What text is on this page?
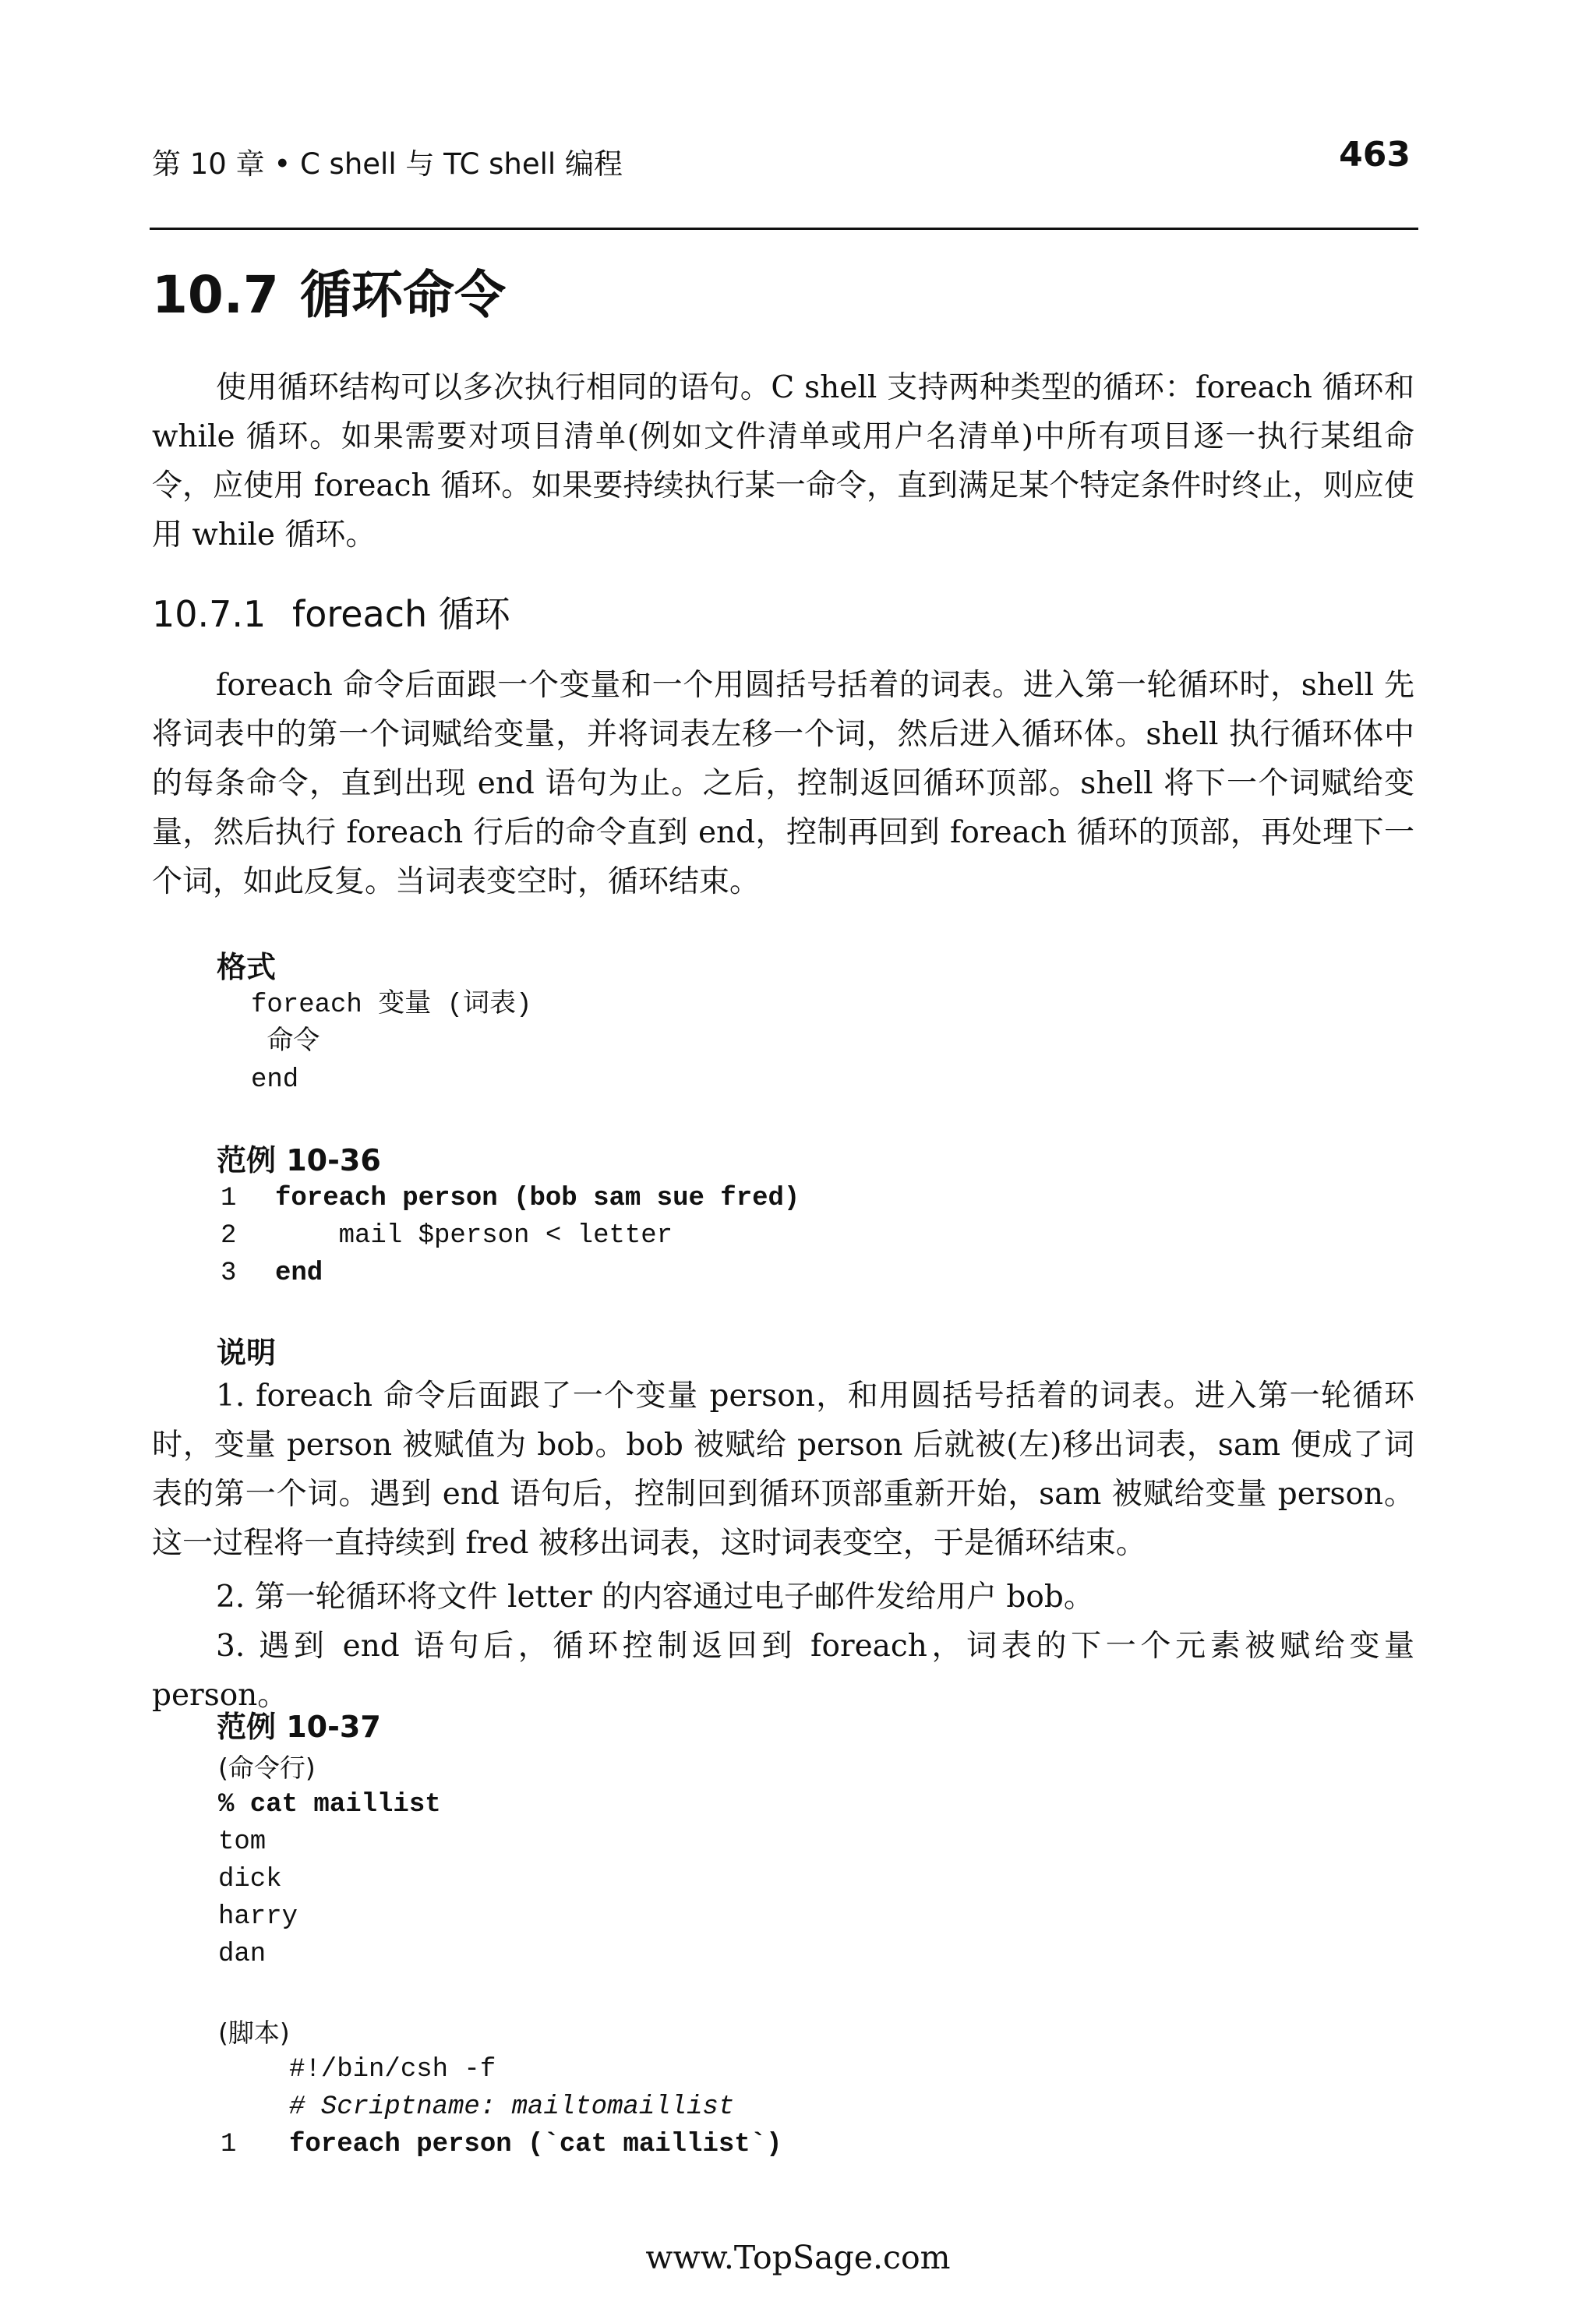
第 10 章 • C shell 与 TC shell 编程	463
10.7 循环命令
使用循环结构可以多次执行相同的语句。C shell 支持两种类型的循环：foreach 循环和 while 循环。如果需要对项目清单(例如文件清单或用户名清单)中所有项目逐一执行某组命令，应使用 foreach 循环。如果要持续执行某一命令，直到满足某个特定条件时终止，则应使用 while 循环。
10.7.1 foreach 循环
foreach 命令后面跟一个变量和一个用圆括号括着的词表。进入第一轮循环时，shell 先将词表中的第一个词赋给变量，并将词表左移一个词，然后进入循环体。shell 执行循环体中的每条命令，直到出现 end 语句为止。之后，控制返回循环顶部。shell 将下一个词赋给变量，然后执行 foreach 行后的命令直到 end，控制再回到 foreach 循环的顶部，再处理下一个词，如此反复。当词表变空时，循环结束。
格式
foreach 变量 (词表)
命令
end
范例 10-36
1 foreach person (bob sam sue fred)
2    mail $person < letter
3 end
说明
1. foreach 命令后面跟了一个变量 person，和用圆括号括着的词表。进入第一轮循环时，变量 person 被赋值为 bob。bob 被赋给 person 后就被(左)移出词表，sam 便成了词表的第一个词。遇到 end 语句后，控制回到循环顶部重新开始，sam 被赋给变量 person。这一过程将一直持续到 fred 被移出词表，这时词表变空，于是循环结束。
2. 第一轮循环将文件 letter 的内容通过电子邮件发给用户 bob。
3. 遇到 end 语句后，循环控制返回到 foreach，词表的下一个元素被赋给变量 person。
范例 10-37
(命令行)
% cat maillist
tom
dick
harry
dan
(脚本)
#!/bin/csh -f
# Scriptname: mailtomaillist
1 foreach person (`cat maillist`)
www.TopSage.com
